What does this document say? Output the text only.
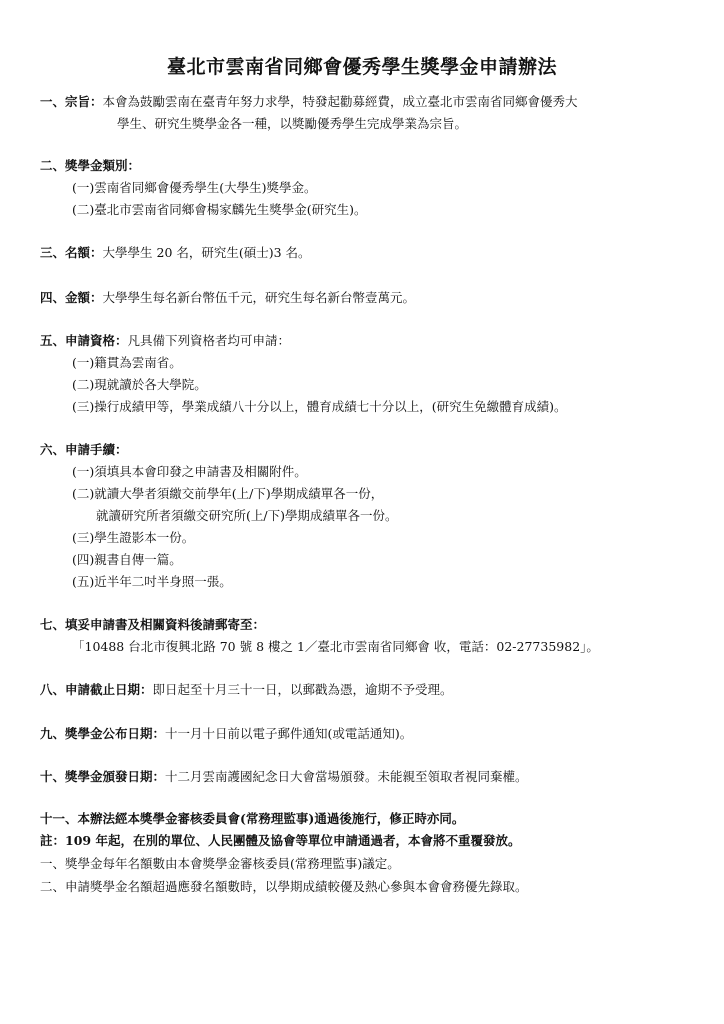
臺北市雲南省同鄉會優秀學生獎學金申請辦法
一、宗旨：本會為鼓勵雲南在臺青年努力求學，特發起勸募經費，成立臺北市雲南省同鄉會優秀大
學生、研究生獎學金各一種，以獎勵優秀學生完成學業為宗旨。
二、獎學金類別：
(一)雲南省同鄉會優秀學生(大學生)獎學金。
(二)臺北市雲南省同鄉會楊家麟先生獎學金(研究生)。
三、名額：大學學生 20 名，研究生(碩士)3 名。
四、金額：大學學生每名新台幣伍千元，研究生每名新台幣壹萬元。
五、申請資格：凡具備下列資格者均可申請：
(一)籍貫為雲南省。
(二)現就讀於各大學院。
(三)操行成績甲等，學業成績八十分以上，體育成績七十分以上，(研究生免繳體育成績)。
六、申請手續：
(一)須填具本會印發之申請書及相關附件。
(二)就讀大學者須繳交前學年(上/下)學期成績單各一份，
就讀研究所者須繳交研究所(上/下)學期成績單各一份。
(三)學生證影本一份。
(四)親書自傳一篇。
(五)近半年二吋半身照一張。
七、填妥申請書及相關資料後請郵寄至：
「10488 台北市復興北路 70 號 8 樓之 1／臺北市雲南省同鄉會 收，電話：02-27735982」。
八、申請截止日期：即日起至十月三十一日，以郵戳為憑，逾期不予受理。
九、獎學金公布日期：十一月十日前以電子郵件通知(或電話通知)。
十、獎學金頒發日期：十二月雲南護國紀念日大會當場頒發。未能親至領取者視同棄權。
十一、本辦法經本獎學金審核委員會(常務理監事)通過後施行，修正時亦同。
註：109 年起，在別的單位、人民團體及協會等單位申請通過者，本會將不重覆發放。
一、獎學金每年名額數由本會獎學金審核委員(常務理監事)議定。
二、申請獎學金名額超過應發名額數時，以學期成績較優及熱心參與本會會務優先錄取。
